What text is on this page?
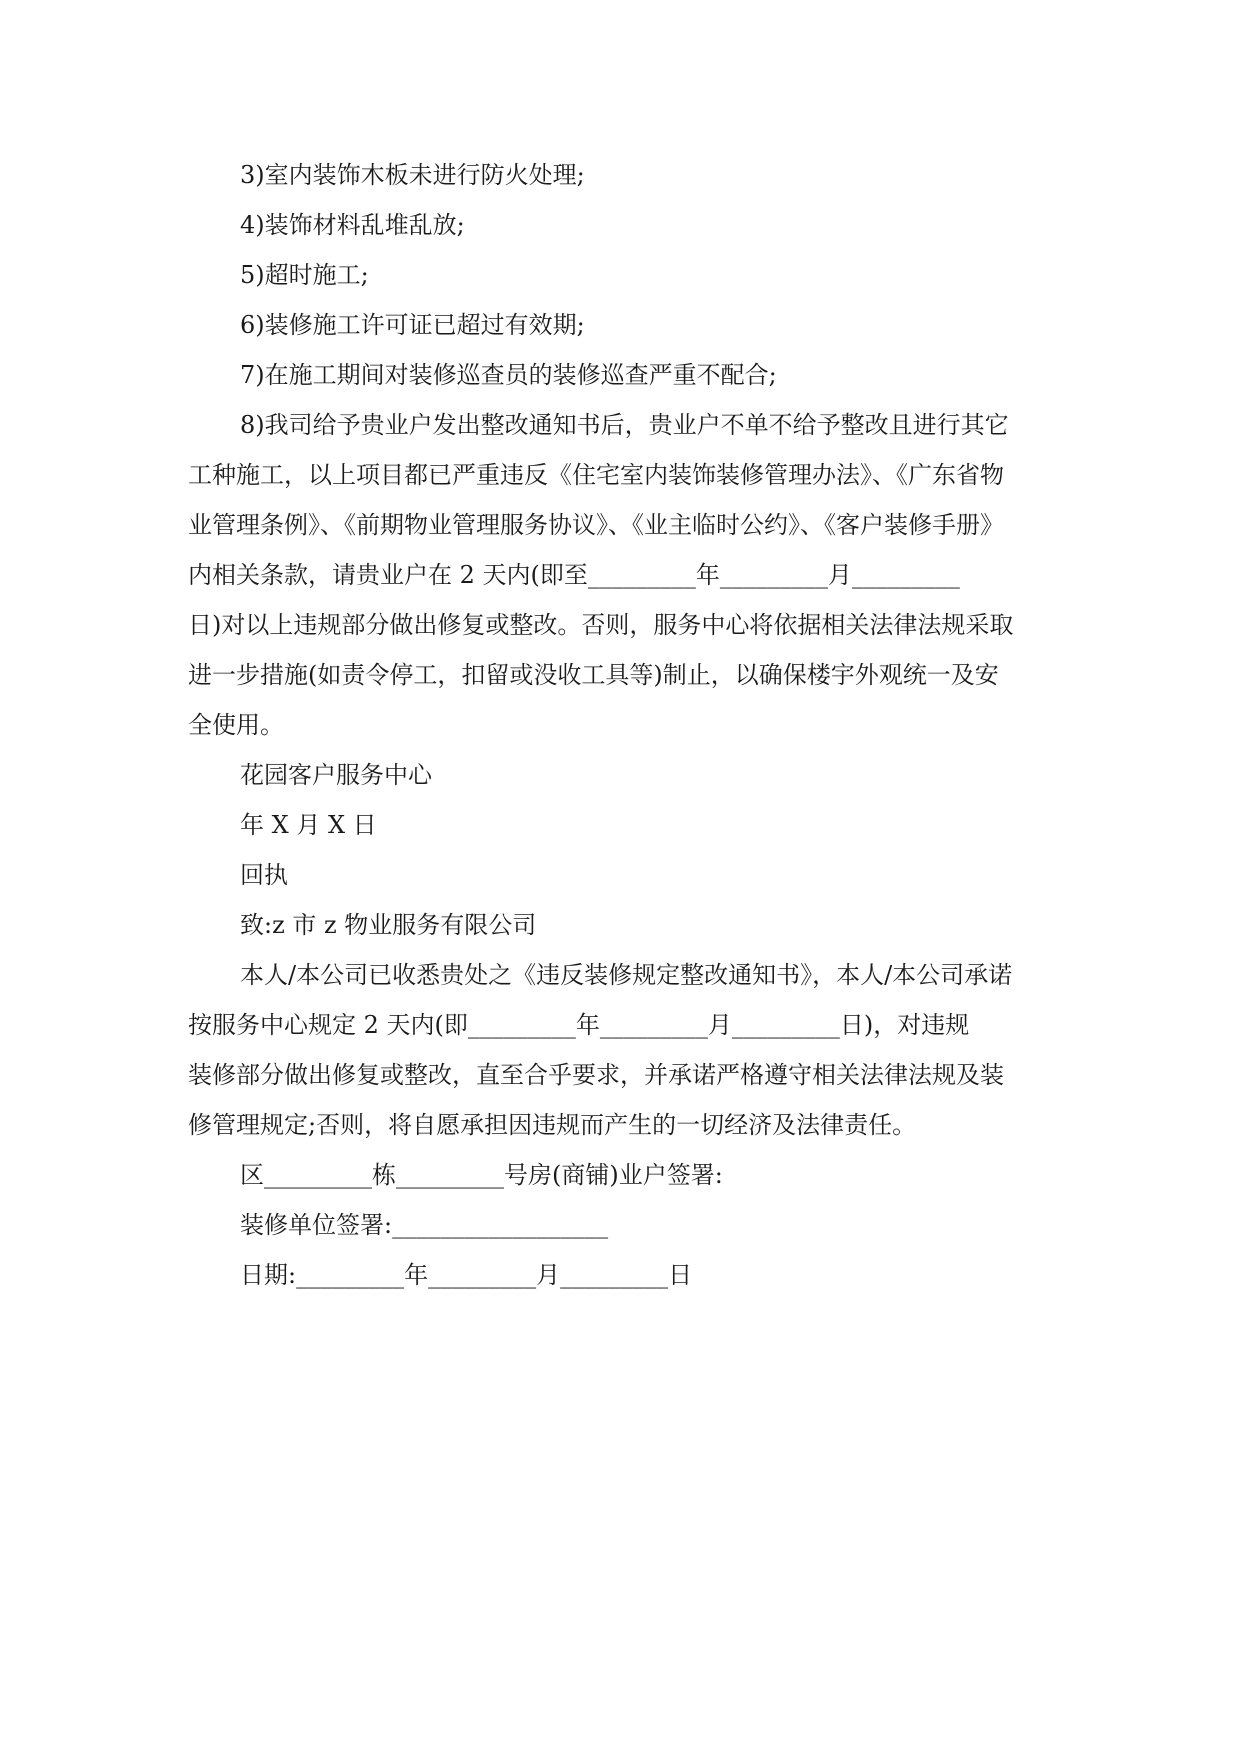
3)室内装饰木板未进行防火处理;

4)装饰材料乱堆乱放;

5)超时施工;

6)装修施工许可证已超过有效期;

7)在施工期间对装修巡查员的装修巡查严重不配合;

8)我司给予贵业户发出整改通知书后，贵业户不单不给予整改且进行其它
工种施工，以上项目都已严重违反《住宅室内装饰装修管理办法》、《广东省物
业管理条例》、《前期物业管理服务协议》、《业主临时公约》、《客户装修手册》
内相关条款，请贵业户在 2 天内(即至_________年_________月_________
日)对以上违规部分做出修复或整改。否则，服务中心将依据相关法律法规采取
进一步措施(如责令停工，扣留或没收工具等)制止，以确保楼宇外观统一及安
全使用。

花园客户服务中心

年 X 月 X 日

回执

致:z 市 z 物业服务有限公司

本人/本公司已收悉贵处之《违反装修规定整改通知书》，本人/本公司承诺
按服务中心规定 2 天内(即_________年_________月_________日)，对违规
装修部分做出修复或整改，直至合乎要求，并承诺严格遵守相关法律法规及装
修管理规定;否则，将自愿承担因违规而产生的一切经济及法律责任。

区_________栋_________号房(商铺)业户签署:

装修单位签署:__________________

日期:_________年_________月_________日
